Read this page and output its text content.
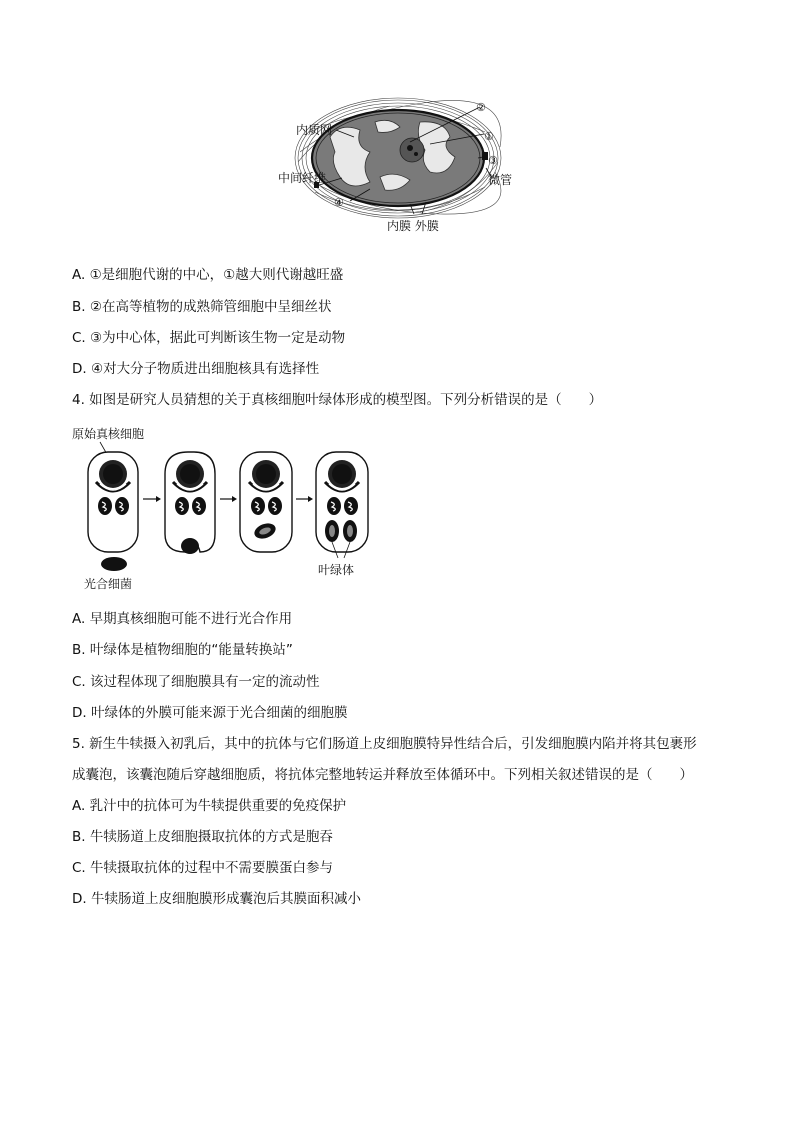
内质网
中间纤维
内膜 外膜
微管
②
①
③
④
A. ①是细胞代谢的中心，①越大则代谢越旺盛
B. ②在高等植物的成熟筛管细胞中呈细丝状
C. ③为中心体，据此可判断该生物一定是动物
D. ④对大分子物质进出细胞核具有选择性
4. 如图是研究人员猜想的关于真核细胞叶绿体形成的模型图。下列分析错误的是（　　）
原始真核细胞
光合细菌
叶绿体
A. 早期真核细胞可能不进行光合作用
B. 叶绿体是植物细胞的“能量转换站”
C. 该过程体现了细胞膜具有一定的流动性
D. 叶绿体的外膜可能来源于光合细菌的细胞膜
5. 新生牛犊摄入初乳后，其中的抗体与它们肠道上皮细胞膜特异性结合后，引发细胞膜内陷并将其包裹形
成囊泡，该囊泡随后穿越细胞质，将抗体完整地转运并释放至体循环中。下列相关叙述错误的是（　　）
A. 乳汁中的抗体可为牛犊提供重要的免疫保护
B. 牛犊肠道上皮细胞摄取抗体的方式是胞吞
C. 牛犊摄取抗体的过程中不需要膜蛋白参与
D. 牛犊肠道上皮细胞膜形成囊泡后其膜面积减小
